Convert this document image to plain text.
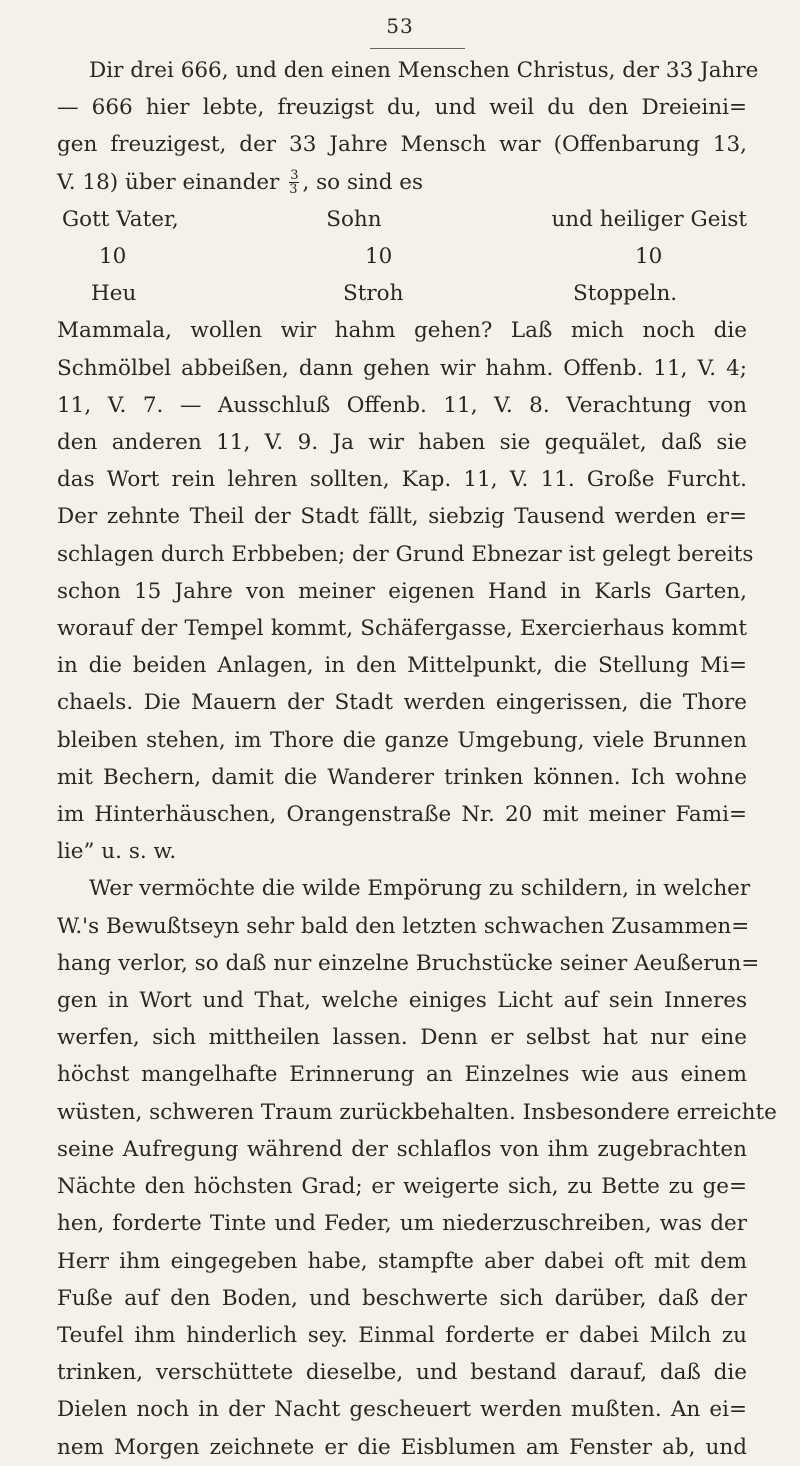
53
Dir drei 666, und den einen Menschen Christus, der 33 Jahre
— 666 hier lebte, freuzigst du, und weil du den Dreieini=
gen freuzigest, der 33 Jahre Mensch war (Offenbarung 13,
V. 18) über einander $\frac{3}{3}$ , so sind es
Gott Vater,	Sohn	und heiliger Geist
10	10	10
Heu	Stroh	Stoppeln.
Mammala, wollen wir hahm gehen? Laß mich noch die
Schmölbel abbeißen, dann gehen wir hahm. Offenb. 11, V. 4;
11, V. 7. — Ausschluß Offenb. 11, V. 8. Verachtung von
den anderen 11, V. 9. Ja wir haben sie gequälet, daß sie
das Wort rein lehren sollten, Kap. 11, V. 11. Große Furcht.
Der zehnte Theil der Stadt fällt, siebzig Tausend werden er=
schlagen durch Erbbeben; der Grund Ebnezar ist gelegt bereits
schon 15 Jahre von meiner eigenen Hand in Karls Garten,
worauf der Tempel kommt, Schäfergasse, Exercierhaus kommt
in die beiden Anlagen, in den Mittelpunkt, die Stellung Mi=
chaels. Die Mauern der Stadt werden eingerissen, die Thore
bleiben stehen, im Thore die ganze Umgebung, viele Brunnen
mit Bechern, damit die Wanderer trinken können. Ich wohne
im Hinterhäuschen, Orangenstraße Nr. 20 mit meiner Fami=
lie” u. s. w.
Wer vermöchte die wilde Empörung zu schildern, in welcher
W.'s Bewußtseyn sehr bald den letzten schwachen Zusammen=
hang verlor, so daß nur einzelne Bruchstücke seiner Aeußerun=
gen in Wort und That, welche einiges Licht auf sein Inneres
werfen, sich mittheilen lassen. Denn er selbst hat nur eine
höchst mangelhafte Erinnerung an Einzelnes wie aus einem
wüsten, schweren Traum zurückbehalten. Insbesondere erreichte
seine Aufregung während der schlaflos von ihm zugebrachten
Nächte den höchsten Grad; er weigerte sich, zu Bette zu ge=
hen, forderte Tinte und Feder, um niederzuschreiben, was der
Herr ihm eingegeben habe, stampfte aber dabei oft mit dem
Fuße auf den Boden, und beschwerte sich darüber, daß der
Teufel ihm hinderlich sey. Einmal forderte er dabei Milch zu
trinken, verschüttete dieselbe, und bestand darauf, daß die
Dielen noch in der Nacht gescheuert werden mußten. An ei=
nem Morgen zeichnete er die Eisblumen am Fenster ab, und
